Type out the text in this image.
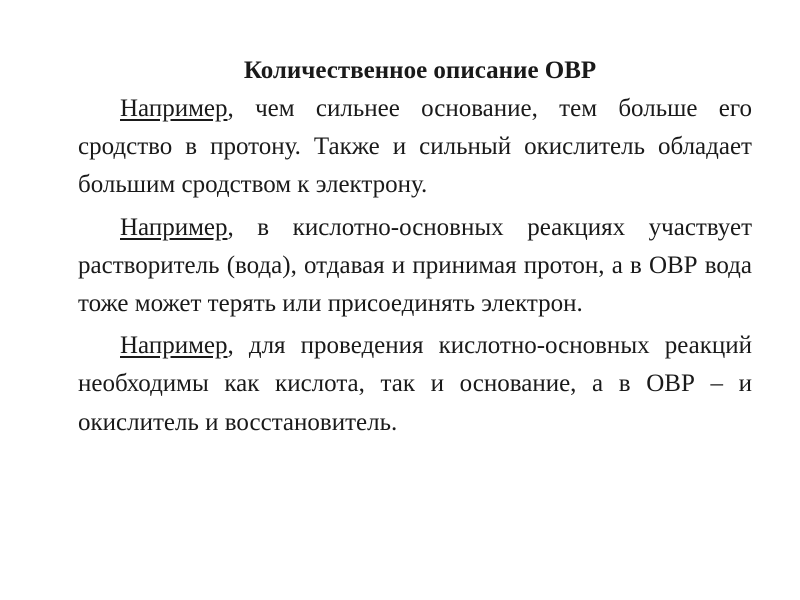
Количественное описание ОВР

Например, чем сильнее основание, тем больше его сродство в протону. Также и сильный окислитель обладает большим сродством к электрону.

Например, в кислотно-основных реакциях участвует растворитель (вода), отдавая и принимая протон, а в ОВР вода тоже может терять или присоединять электрон.

Например, для проведения кислотно-основных реакций необходимы как кислота, так и основание, а в ОВР – и окислитель и восстановитель.
